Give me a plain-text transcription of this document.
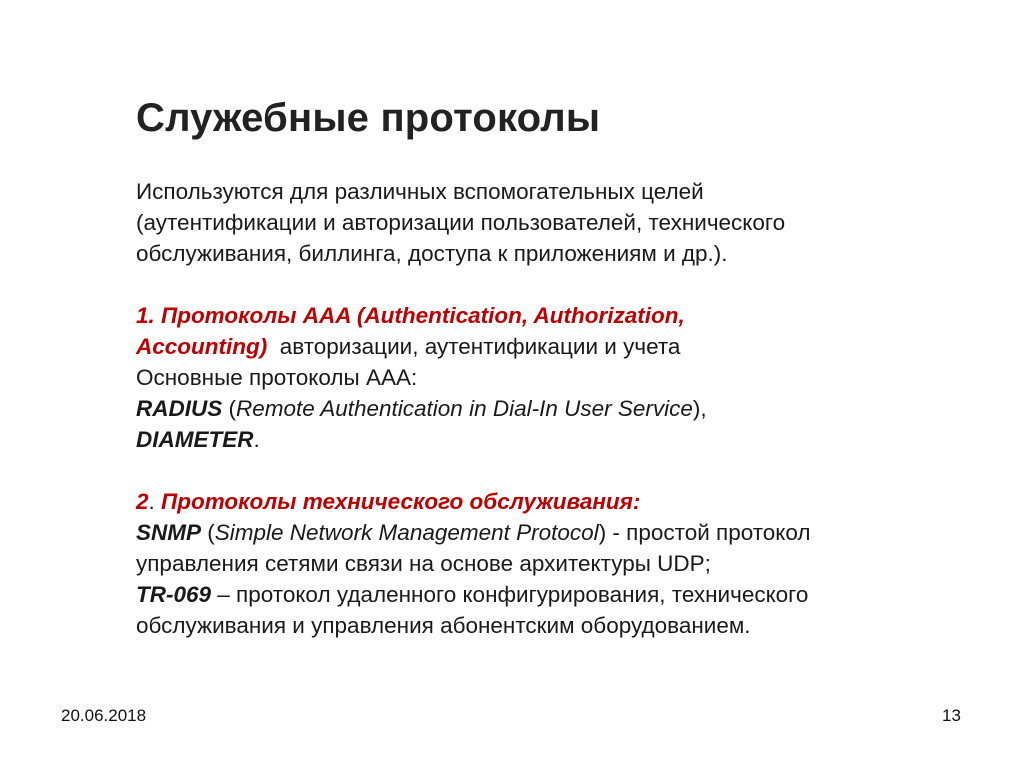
Служебные протоколы

Используются для различных вспомогательных целей
(аутентификации и авторизации пользователей, технического
обслуживания, биллинга, доступа к приложениям и др.).

1. Протоколы AAA (Authentication, Authorization,
Accounting)  авторизации, аутентификации и учета
Основные протоколы AAA:
RADIUS (Remote Authentication in Dial-In User Service),
DIAMETER.

2. Протоколы технического обслуживания:
SNMP (Simple Network Management Protocol) - простой протокол
управления сетями связи на основе архитектуры UDP;
TR-069 – протокол удаленного конфигурирования, технического
обслуживания и управления абонентским оборудованием.

20.06.2018	13
